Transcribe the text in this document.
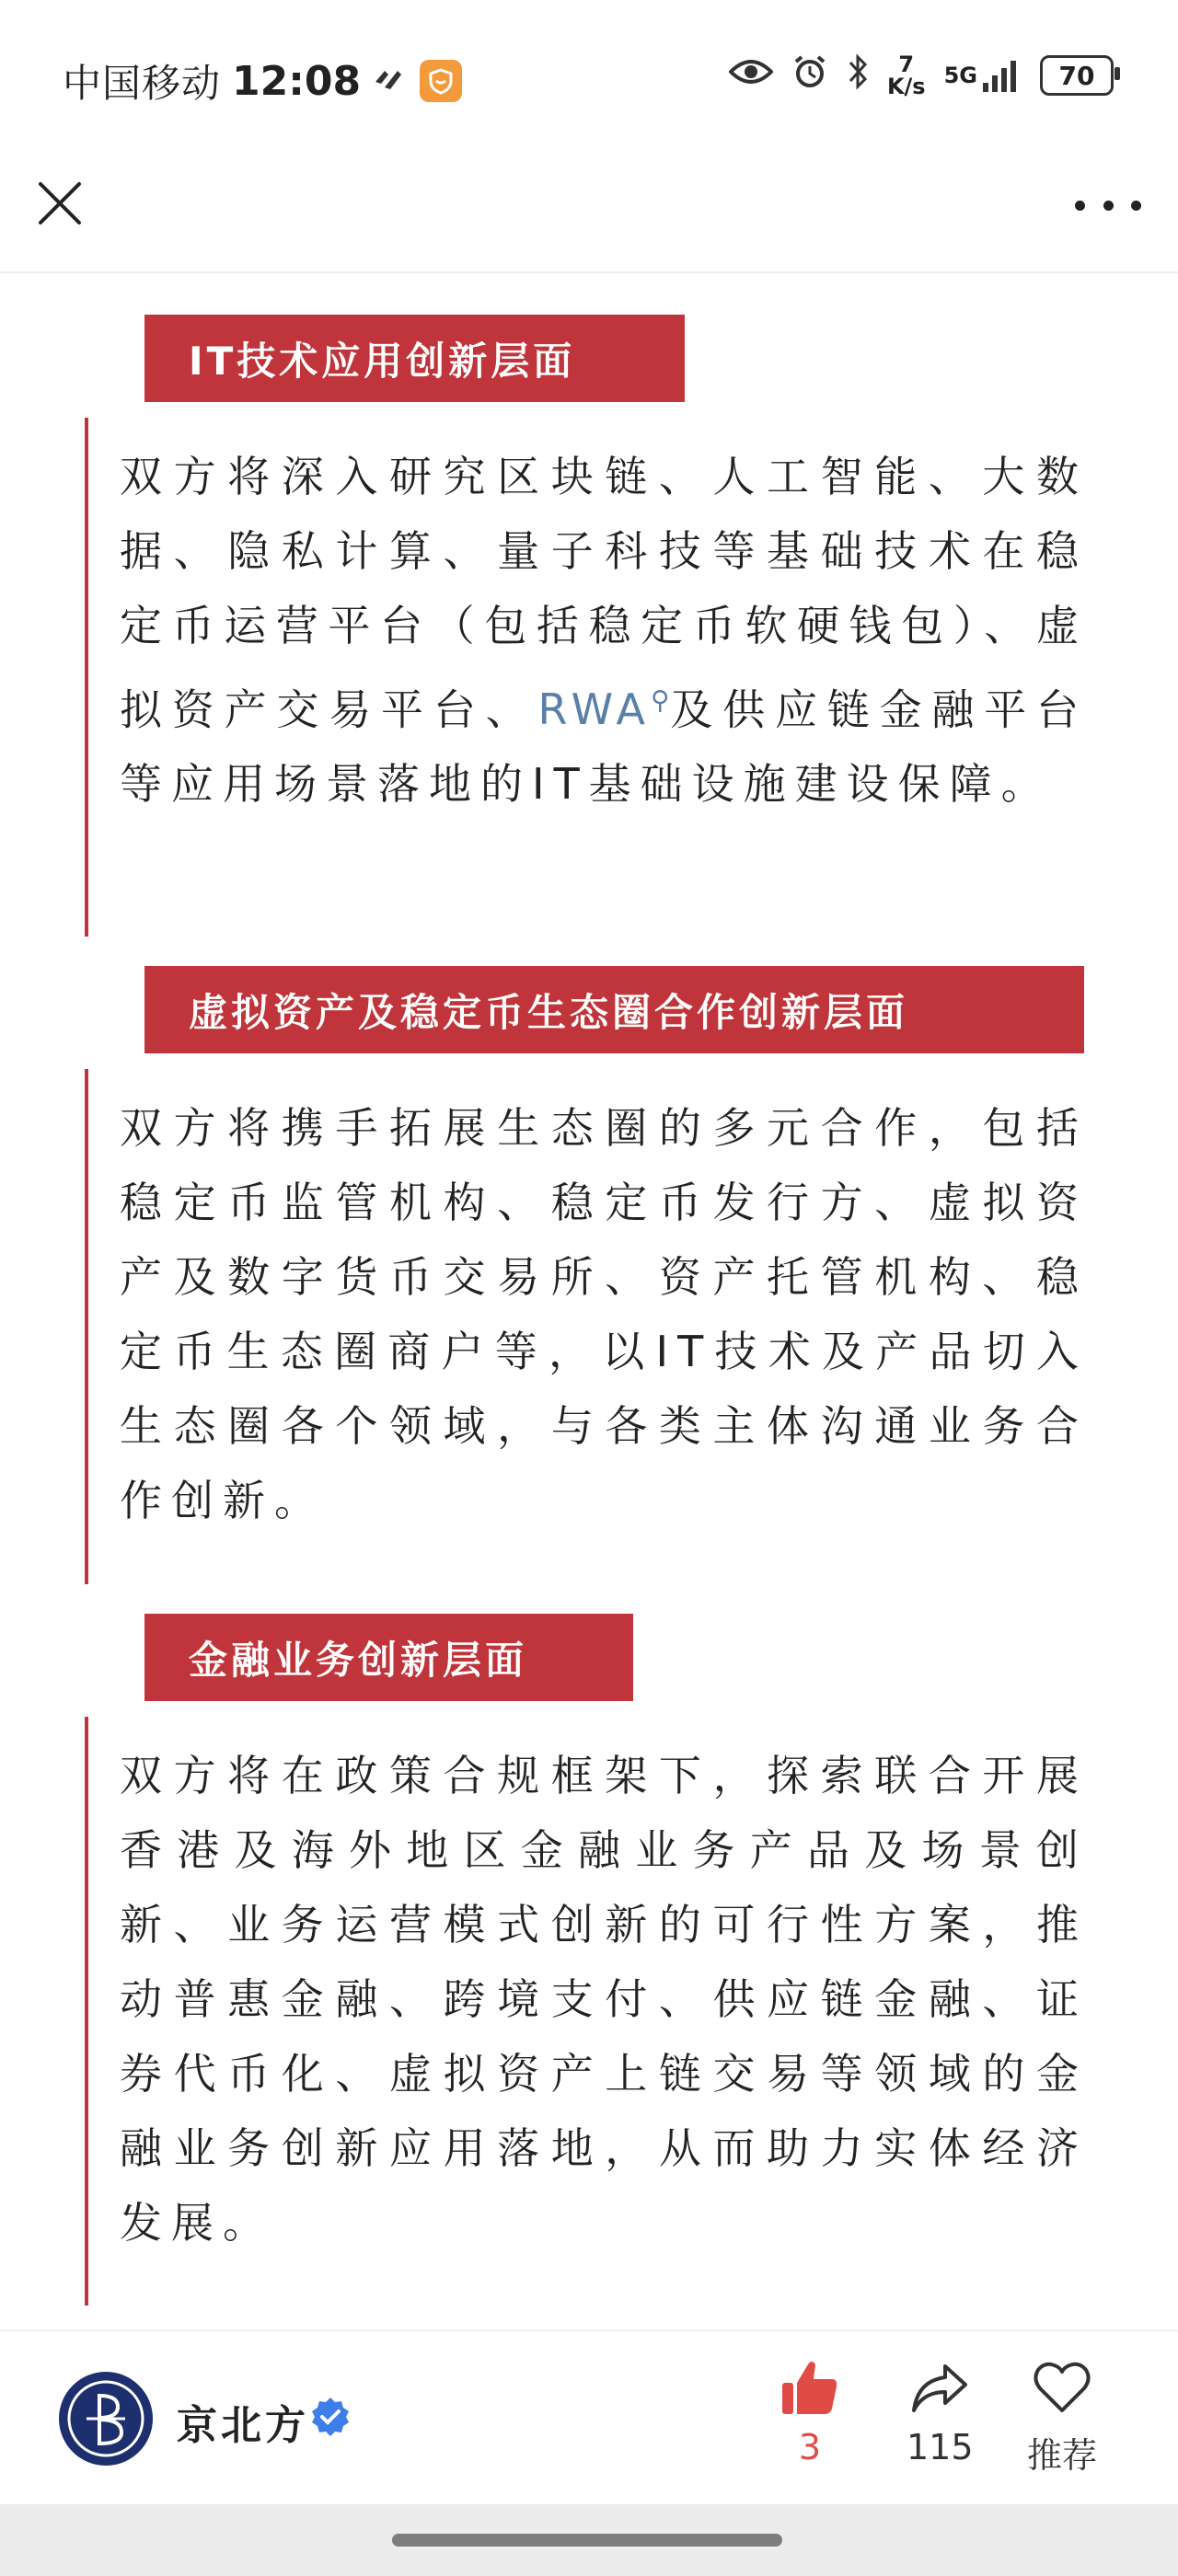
中国移动 12:08	7
K/s 5G	70
IT技术应用创新层面

双方将深入研究区块链、人工智能、大数据、隐私计算、量子科技等基础技术在稳定币运营平台（包括稳定币软硬钱包）、虚拟资产交易平台、RWA⚲及供应链金融平台等应用场景落地的IT基础设施建设保障。

虚拟资产及稳定币生态圈合作创新层面

双方将携手拓展生态圈的多元合作，包括稳定币监管机构、稳定币发行方、虚拟资产及数字货币交易所、资产托管机构、稳定币生态圈商户等，以IT技术及产品切入生态圈各个领域，与各类主体沟通业务合作创新。

金融业务创新层面

双方将在政策合规框架下，探索联合开展香港及海外地区金融业务产品及场景创新、业务运营模式创新的可行性方案，推动普惠金融、跨境支付、供应链金融、证券代币化、虚拟资产上链交易等领域的金融业务创新应用落地，从而助力实体经济发展。

京北方	3 115 推荐
